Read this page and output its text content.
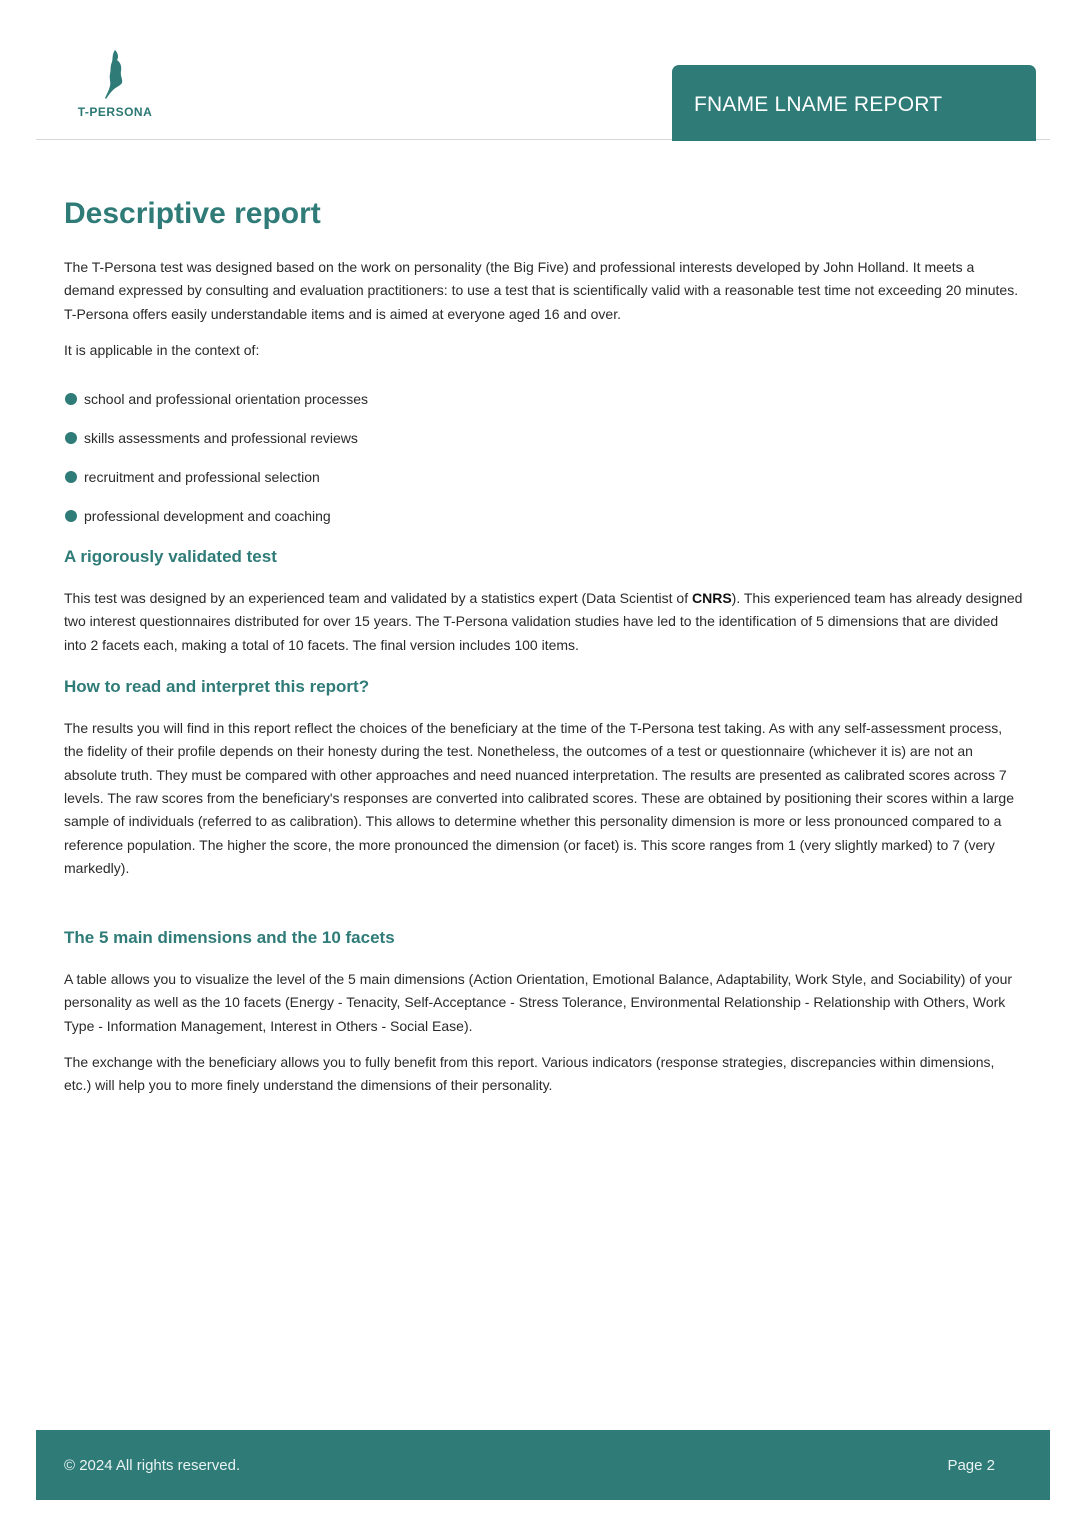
T-PERSONA	FNAME LNAME REPORT
Descriptive report

The T-Persona test was designed based on the work on personality (the Big Five) and professional interests developed by John Holland. It meets a demand expressed by consulting and evaluation practitioners: to use a test that is scientifically valid with a reasonable test time not exceeding 20 minutes. T-Persona offers easily understandable items and is aimed at everyone aged 16 and over.

It is applicable in the context of:

school and professional orientation processes
skills assessments and professional reviews
recruitment and professional selection
professional development and coaching
A rigorously validated test

This test was designed by an experienced team and validated by a statistics expert (Data Scientist of CNRS). This experienced team has already designed two interest questionnaires distributed for over 15 years. The T-Persona validation studies have led to the identification of 5 dimensions that are divided into 2 facets each, making a total of 10 facets. The final version includes 100 items.

How to read and interpret this report?

The results you will find in this report reflect the choices of the beneficiary at the time of the T-Persona test taking. As with any self-assessment process, the fidelity of their profile depends on their honesty during the test. Nonetheless, the outcomes of a test or questionnaire (whichever it is) are not an absolute truth. They must be compared with other approaches and need nuanced interpretation. The results are presented as calibrated scores across 7 levels. The raw scores from the beneficiary's responses are converted into calibrated scores. These are obtained by positioning their scores within a large sample of individuals (referred to as calibration). This allows to determine whether this personality dimension is more or less pronounced compared to a reference population. The higher the score, the more pronounced the dimension (or facet) is. This score ranges from 1 (very slightly marked) to 7 (very markedly).

The 5 main dimensions and the 10 facets

A table allows you to visualize the level of the 5 main dimensions (Action Orientation, Emotional Balance, Adaptability, Work Style, and Sociability) of your personality as well as the 10 facets (Energy - Tenacity, Self-Acceptance - Stress Tolerance, Environmental Relationship - Relationship with Others, Work Type - Information Management, Interest in Others - Social Ease).

The exchange with the beneficiary allows you to fully benefit from this report. Various indicators (response strategies, discrepancies within dimensions, etc.) will help you to more finely understand the dimensions of their personality.

© 2024 All rights reserved.	Page 2
